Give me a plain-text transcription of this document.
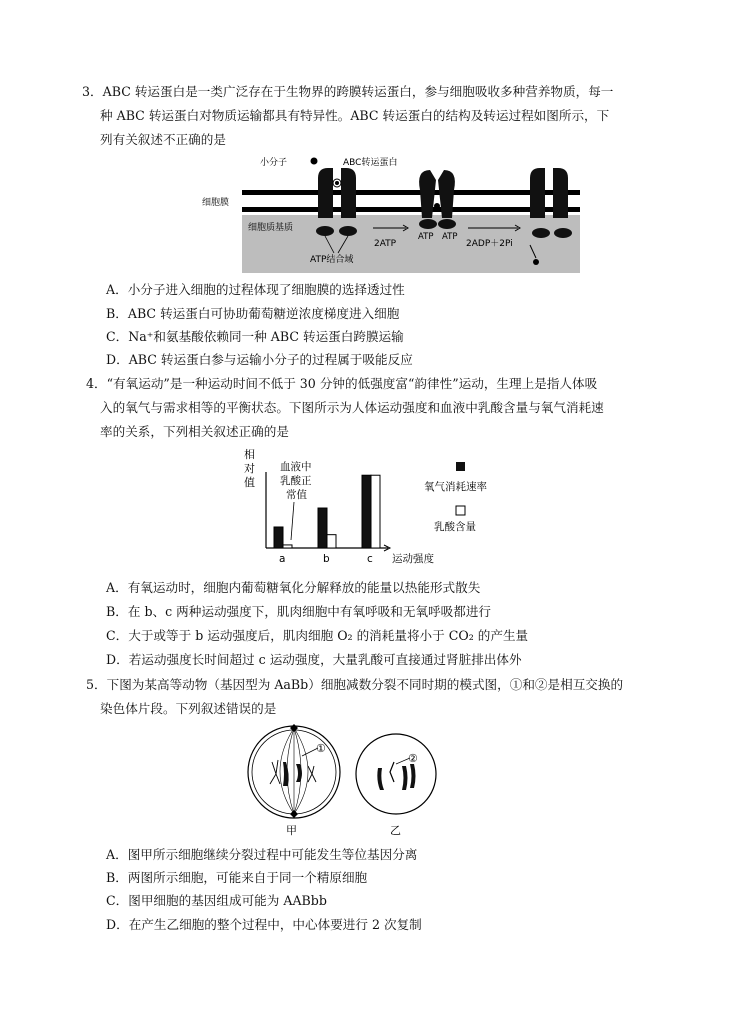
3．ABC 转运蛋白是一类广泛存在于生物界的跨膜转运蛋白，参与细胞吸收多种营养物质，每一
种 ABC 转运蛋白对物质运输都具有特异性。ABC 转运蛋白的结构及转运过程如图所示，下
列有关叙述不正确的是
小分子	ABC转运蛋白
细胞膜
细胞质基质
ATP结合域
2ATP
ATP ATP
2ADP＋2Pi
A．小分子进入细胞的过程体现了细胞膜的选择透过性
B．ABC 转运蛋白可协助葡萄糖逆浓度梯度进入细胞
C．Na⁺和氨基酸依赖同一种 ABC 转运蛋白跨膜运输
D．ABC 转运蛋白参与运输小分子的过程属于吸能反应
4．“有氧运动”是一种运动时间不低于 30 分钟的低强度富“韵律性”运动，生理上是指人体吸
入的氧气与需求相等的平衡状态。下图所示为人体运动强度和血液中乳酸含量与氧气消耗速
率的关系，下列相关叙述正确的是
相
对
值
血液中
乳酸正
常值
a	b	c 运动强度
氧气消耗速率
乳酸含量
A．有氧运动时，细胞内葡萄糖氧化分解释放的能量以热能形式散失
B．在 b、c 两种运动强度下，肌肉细胞中有氧呼吸和无氧呼吸都进行
C．大于或等于 b 运动强度后，肌肉细胞 O₂ 的消耗量将小于 CO₂ 的产生量
D．若运动强度长时间超过 c 运动强度，大量乳酸可直接通过肾脏排出体外
5．下图为某高等动物（基因型为 AaBb）细胞减数分裂不同时期的模式图，①和②是相互交换的
染色体片段。下列叙述错误的是
①
②
甲	乙
A．图甲所示细胞继续分裂过程中可能发生等位基因分离
B．两图所示细胞，可能来自于同一个精原细胞
C．图甲细胞的基因组成可能为 AABbb
D．在产生乙细胞的整个过程中，中心体要进行 2 次复制
